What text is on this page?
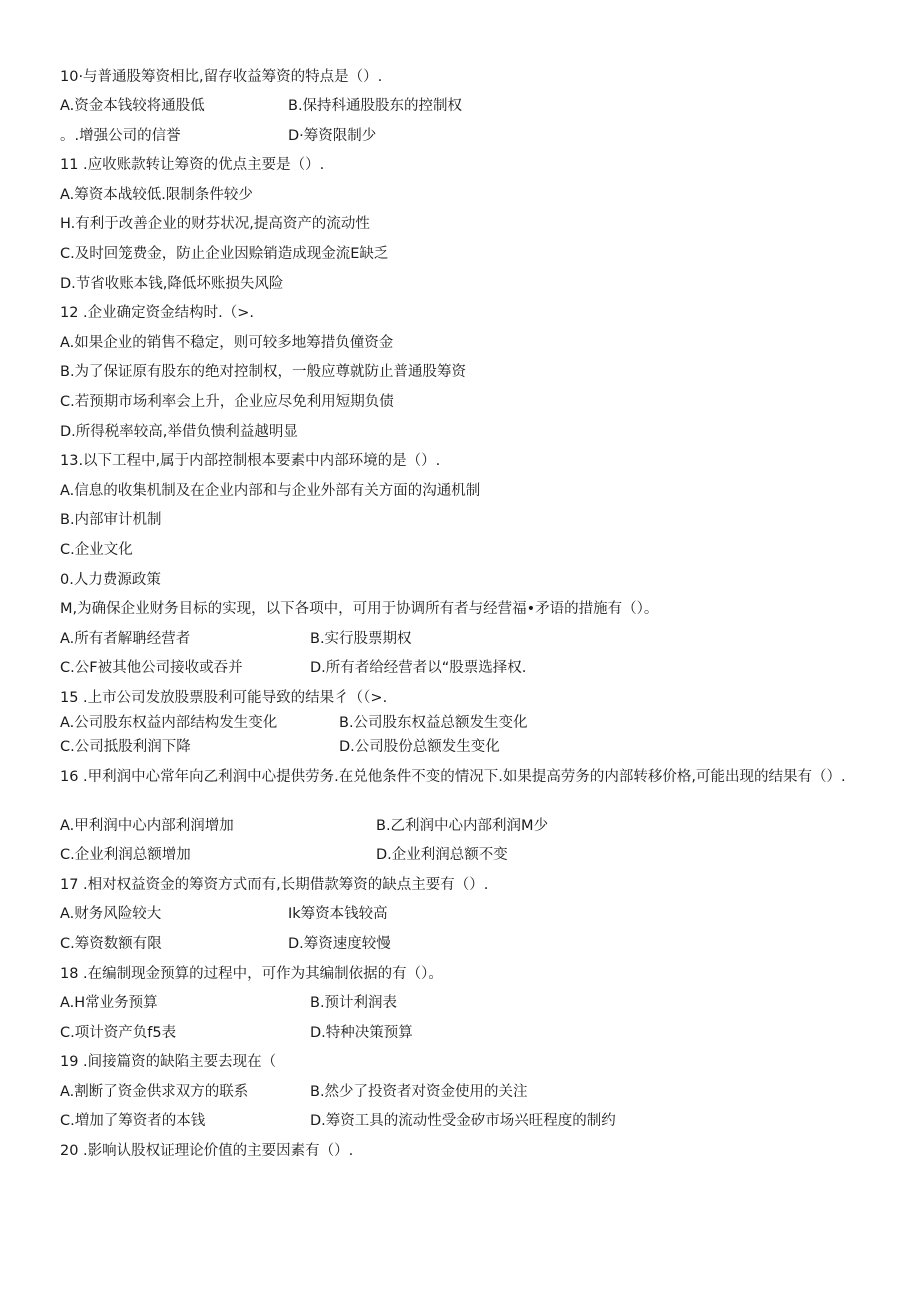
10·与普通股筹资相比,留存收益筹资的特点是（）.
A.资金本钱较将通股低	B.保持科通股股东的控制权
。.增强公司的信誉	D·筹资限制少
11 .应收账款转让筹资的优点主要是（）.
A.筹资本战较低.限制条件较少
H.有利于改善企业的财芬状况,提高资产的流动性
C.及时回笼费金，防止企业因赊销造成现金流E缺乏
D.节省收账本钱,降低坏账损失风险
12 .企业确定资金结构时.（>.
A.如果企业的销售不稳定，则可较多地筹措负僮资金
B.为了保证原有股东的绝对控制权，一般应尊就防止普通股筹资
C.若预期市场利率会上升，企业应尽免利用短期负债
D.所得税率较高,举借负愦利益越明显
13.以下工程中,属于内部控制根本要素中内部环境的是（）.
A.信息的收集机制及在企业内部和与企业外部有关方面的沟通机制
B.内部审计机制
C.企业文化
0.人力费源政策
M,为确保企业财务目标的实现，以下各项中，可用于协调所有者与经营福•矛语的措施有（）。
A.所有者解聃经营者	B.实行股票期权
C.公F被其他公司接收或吞并	D.所有者给经营者以“股票选择权.
15 .上市公司发放股票股利可能导致的结果彳（（>.
A.公司股东权益内部结构发生变化	B.公司股东权益总额发生变化
C.公司抵股利润下降	D.公司股份总额发生变化
16 .甲利润中心常年向乙利润中心提供劳务.在兑他条件不变的情况下.如果提高劳务的内部转移价格,可能出现的结果有（）.
A.甲利润中心内部利润增加	B.乙利润中心内部利润M少
C.企业利润总额增加	D.企业利润总额不变
17 .相对权益资金的筹资方式而有,长期借款筹资的缺点主要有（）.
A.财务风险较大	Ik筹资本钱较高
C.筹资数额有限	D.筹资速度较慢
18 .在编制现金预算的过程中，可作为其编制依据的有（）。
A.H常业务预算	B.预计利润表
C.项计资产负f5表	D.特种决策预算
19 .间接篇资的缺陷主要去现在（
A.割断了资金供求双方的联系	B.然少了投资者对资金使用的关注
C.増加了筹资者的本钱	D.筹资工具的流动性受金矽市场兴旺程度的制约
20 .影响认股权证理论价值的主要因素有（）.
